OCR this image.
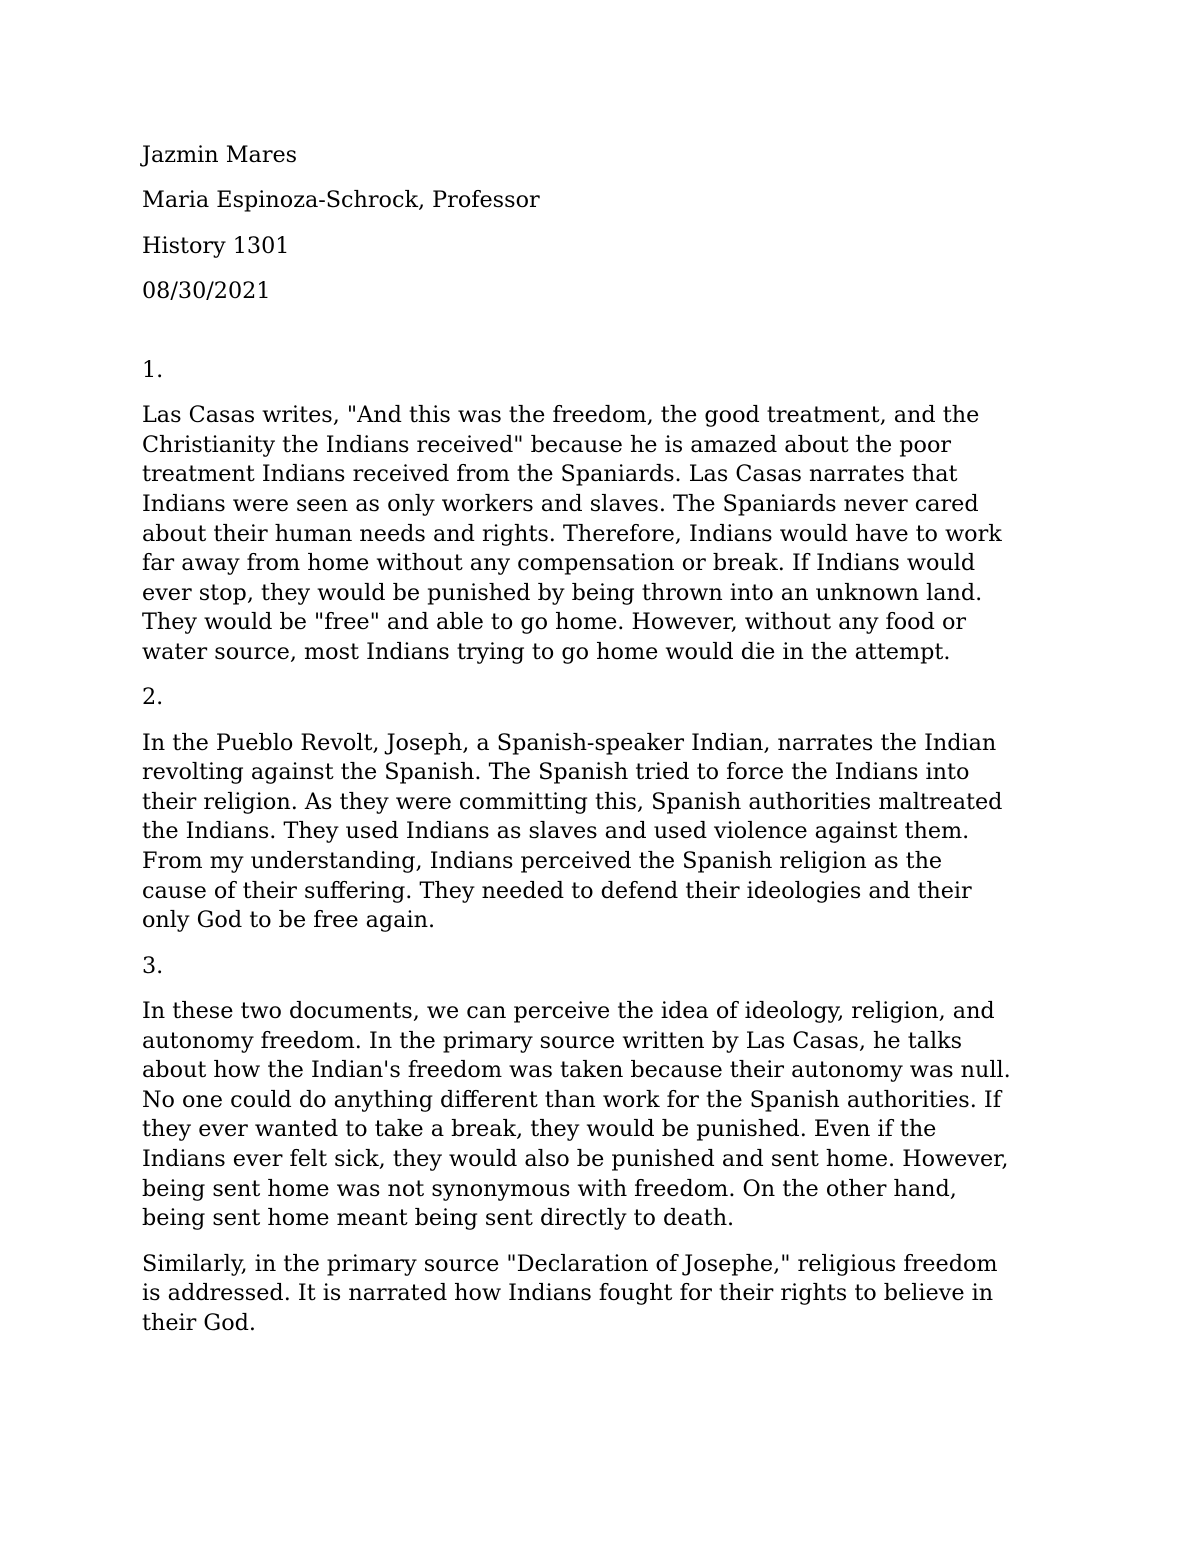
Jazmin Mares
Maria Espinoza-Schrock, Professor
History 1301
08/30/2021
1.
Las Casas writes, "And this was the freedom, the good treatment, and the
Christianity the Indians received" because he is amazed about the poor
treatment Indians received from the Spaniards. Las Casas narrates that
Indians were seen as only workers and slaves. The Spaniards never cared
about their human needs and rights. Therefore, Indians would have to work
far away from home without any compensation or break. If Indians would
ever stop, they would be punished by being thrown into an unknown land.
They would be "free" and able to go home. However, without any food or
water source, most Indians trying to go home would die in the attempt.
2.
In the Pueblo Revolt, Joseph, a Spanish-speaker Indian, narrates the Indian
revolting against the Spanish. The Spanish tried to force the Indians into
their religion. As they were committing this, Spanish authorities maltreated
the Indians. They used Indians as slaves and used violence against them.
From my understanding, Indians perceived the Spanish religion as the
cause of their suffering. They needed to defend their ideologies and their
only God to be free again.
3.
In these two documents, we can perceive the idea of ideology, religion, and
autonomy freedom. In the primary source written by Las Casas, he talks
about how the Indian's freedom was taken because their autonomy was null.
No one could do anything different than work for the Spanish authorities. If
they ever wanted to take a break, they would be punished. Even if the
Indians ever felt sick, they would also be punished and sent home. However,
being sent home was not synonymous with freedom. On the other hand,
being sent home meant being sent directly to death.
Similarly, in the primary source "Declaration of Josephe," religious freedom
is addressed. It is narrated how Indians fought for their rights to believe in
their God.
